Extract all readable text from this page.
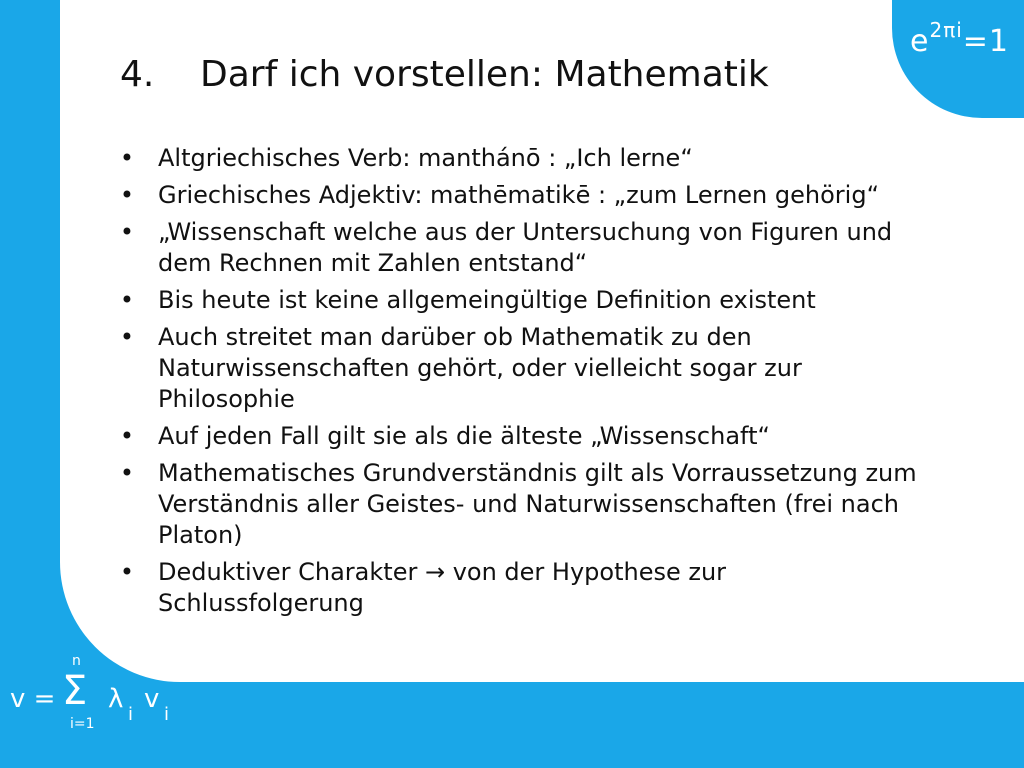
$e^{2\pi i}=1$
4. Darf ich vorstellen: Mathematik
• Altgriechisches Verb: manthánō : „Ich lerne“
• Griechisches Adjektiv: mathēmatikē : „zum Lernen gehörig“
• „Wissenschaft welche aus der Untersuchung von Figuren und
dem Rechnen mit Zahlen entstand“
• Bis heute ist keine allgemeingültige Definition existent
• Auch streitet man darüber ob Mathematik zu den
Naturwissenschaften gehört, oder vielleicht sogar zur
Philosophie
• Auf jeden Fall gilt sie als die älteste „Wissenschaft“
• Mathematisches Grundverständnis gilt als Vorraussetzung zum
Verständnis aller Geistes- und Naturwissenschaften (frei nach
Platon)
• Deduktiver Charakter → von der Hypothese zur
Schlussfolgerung
v =
n
Σ
i=1
λ
i
v
i
